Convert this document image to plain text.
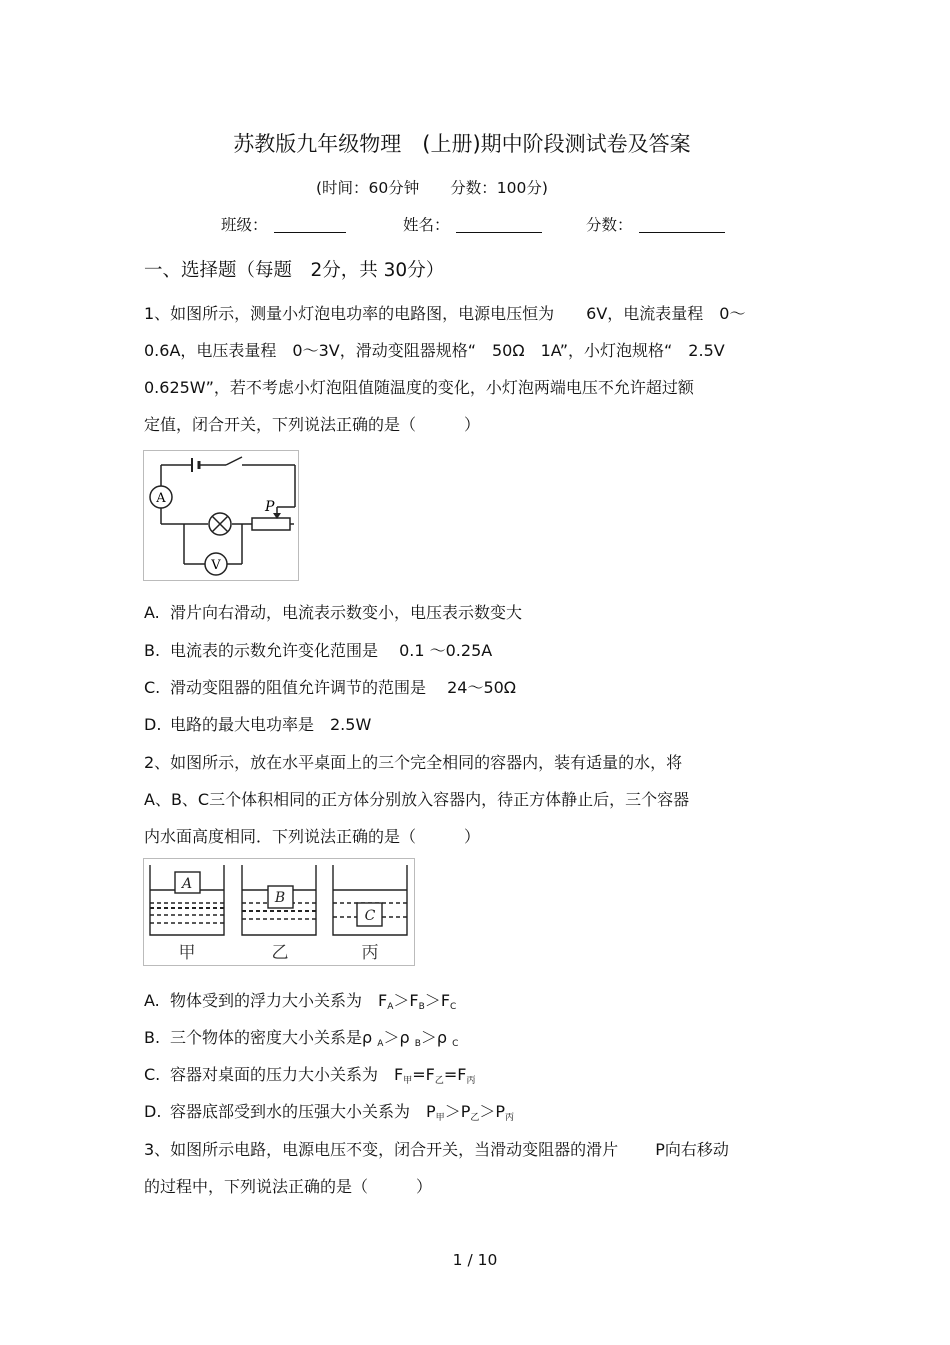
苏教版九年级物理　(上册)期中阶段测试卷及答案
(时间：60分钟　　分数：100分)
班级：	姓名：	分数：
一、选择题（每题　2分，共 30分）
1、如图所示，测量小灯泡电功率的电路图，电源电压恒为　　6V，电流表量程　0～
0.6A，电压表量程　0～3V，滑动变阻器规格“　50Ω　1A”，小灯泡规格“　2.5V
0.625W”，若不考虑小灯泡阻值随温度的变化，小灯泡两端电压不允许超过额
定值，闭合开关，下列说法正确的是（　　　）
A
V
P
A. 滑片向右滑动，电流表示数变小，电压表示数变大
B. 电流表的示数允许变化范围是　 0.1 ～0.25A
C. 滑动变阻器的阻值允许调节的范围是　 24～50Ω
D. 电路的最大电功率是　2.5W
2、如图所示，放在水平桌面上的三个完全相同的容器内，装有适量的水，将
A、B、C三个体积相同的正方体分别放入容器内，待正方体静止后，三个容器
内水面高度相同．下列说法正确的是（　　　）
A
B
C
甲	乙	丙
A. 物体受到的浮力大小关系为　$F_A>F_B>F_C$
B. 三个物体的密度大小关系是ρ $_A$＞ρ $_B$＞ρ $_C$
C. 容器对桌面的压力大小关系为　$F_甲=F_乙=F_丙$
D. 容器底部受到水的压强大小关系为　$P_甲>P_乙>P_丙$
3、如图所示电路，电源电压不变，闭合开关，当滑动变阻器的滑片　　 P向右移动
的过程中，下列说法正确的是（　　　）
1 / 10
